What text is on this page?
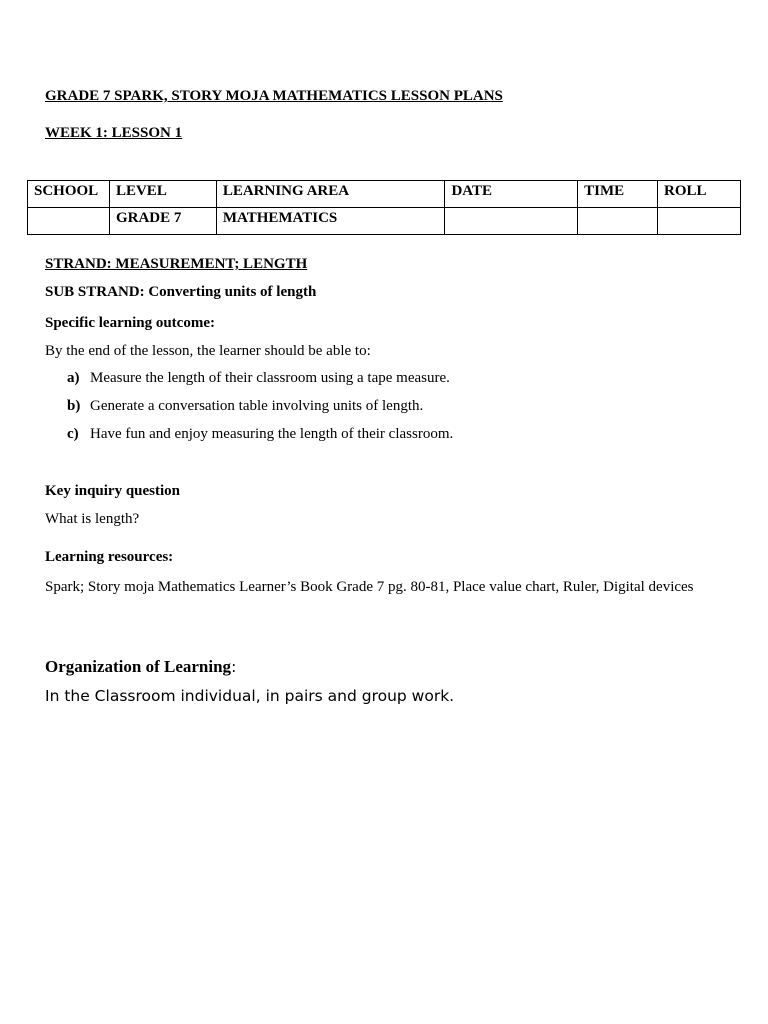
GRADE 7 SPARK, STORY MOJA MATHEMATICS LESSON PLANS
WEEK 1: LESSON 1
SCHOOL	LEVEL	LEARNING AREA	DATE	TIME	ROLL
	GRADE 7	MATHEMATICS			
STRAND: MEASUREMENT; LENGTH
SUB STRAND: Converting units of length
Specific learning outcome:
By the end of the lesson, the learner should be able to:
a) Measure the length of their classroom using a tape measure.
b) Generate a conversation table involving units of length.
c) Have fun and enjoy measuring the length of their classroom.
Key inquiry question
What is length?
Learning resources:
Spark; Story moja Mathematics Learner’s Book Grade 7 pg. 80-81, Place value chart, Ruler, Digital devices
Organization of Learning:
In the Classroom individual, in pairs and group work.
